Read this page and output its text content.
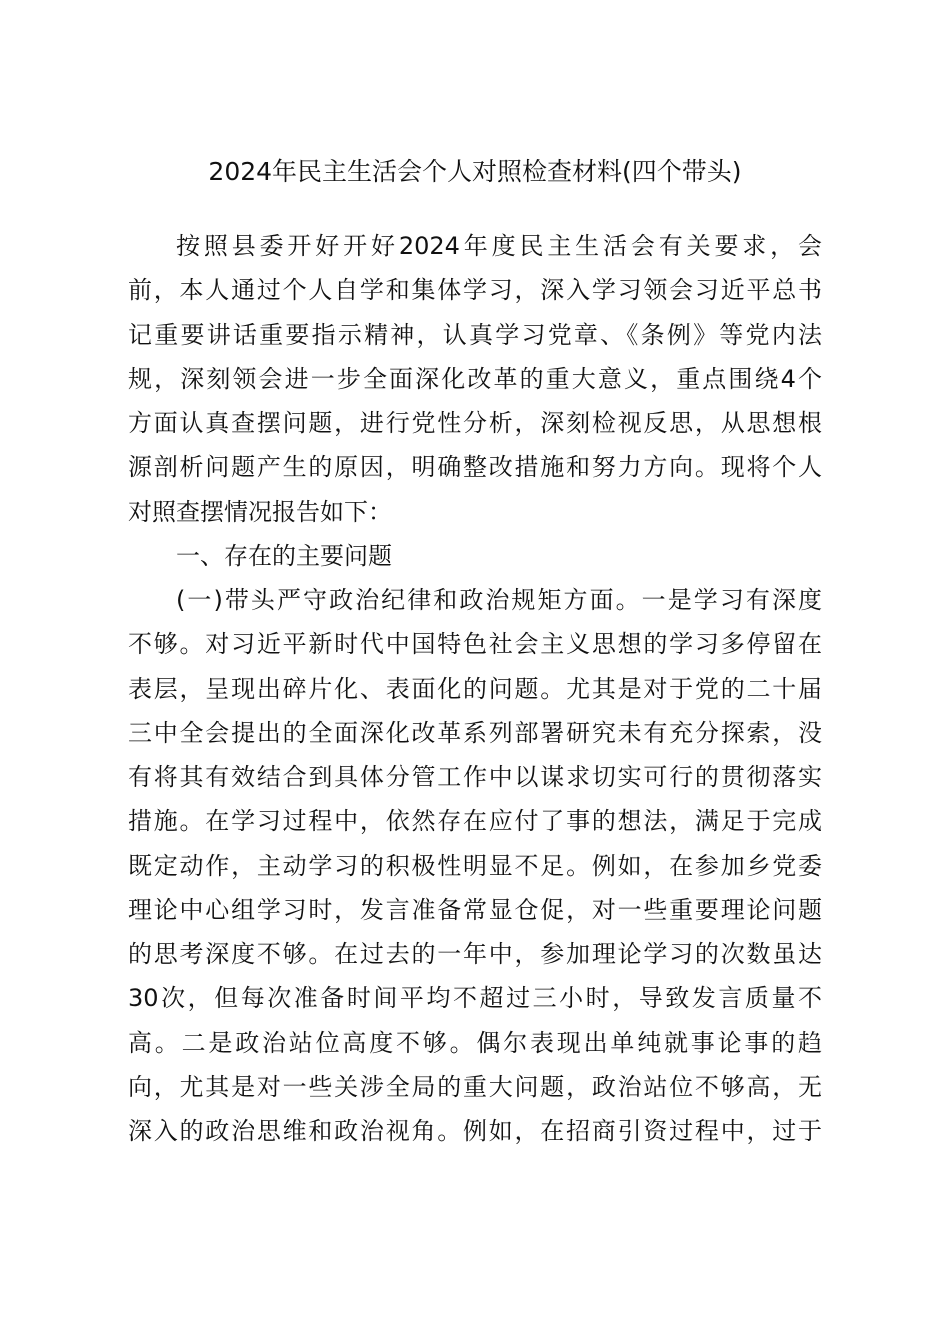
2024年民主生活会个人对照检查材料(四个带头)
按照县委开好开好2024年度民主生活会有关要求，会
前，本人通过个人自学和集体学习，深入学习领会习近平总书
记重要讲话重要指示精神，认真学习党章、《条例》等党内法
规，深刻领会进一步全面深化改革的重大意义，重点围绕4个
方面认真查摆问题，进行党性分析，深刻检视反思，从思想根
源剖析问题产生的原因，明确整改措施和努力方向。现将个人
对照查摆情况报告如下：
一、存在的主要问题
(一)带头严守政治纪律和政治规矩方面。一是学习有深度
不够。对习近平新时代中国特色社会主义思想的学习多停留在
表层，呈现出碎片化、表面化的问题。尤其是对于党的二十届
三中全会提出的全面深化改革系列部署研究未有充分探索，没
有将其有效结合到具体分管工作中以谋求切实可行的贯彻落实
措施。在学习过程中，依然存在应付了事的想法，满足于完成
既定动作，主动学习的积极性明显不足。例如，在参加乡党委
理论中心组学习时，发言准备常显仓促，对一些重要理论问题
的思考深度不够。在过去的一年中，参加理论学习的次数虽达
30次，但每次准备时间平均不超过三小时，导致发言质量不
高。二是政治站位高度不够。偶尔表现出单纯就事论事的趋
向，尤其是对一些关涉全局的重大问题，政治站位不够高，无
深入的政治思维和政治视角。例如，在招商引资过程中，过于
